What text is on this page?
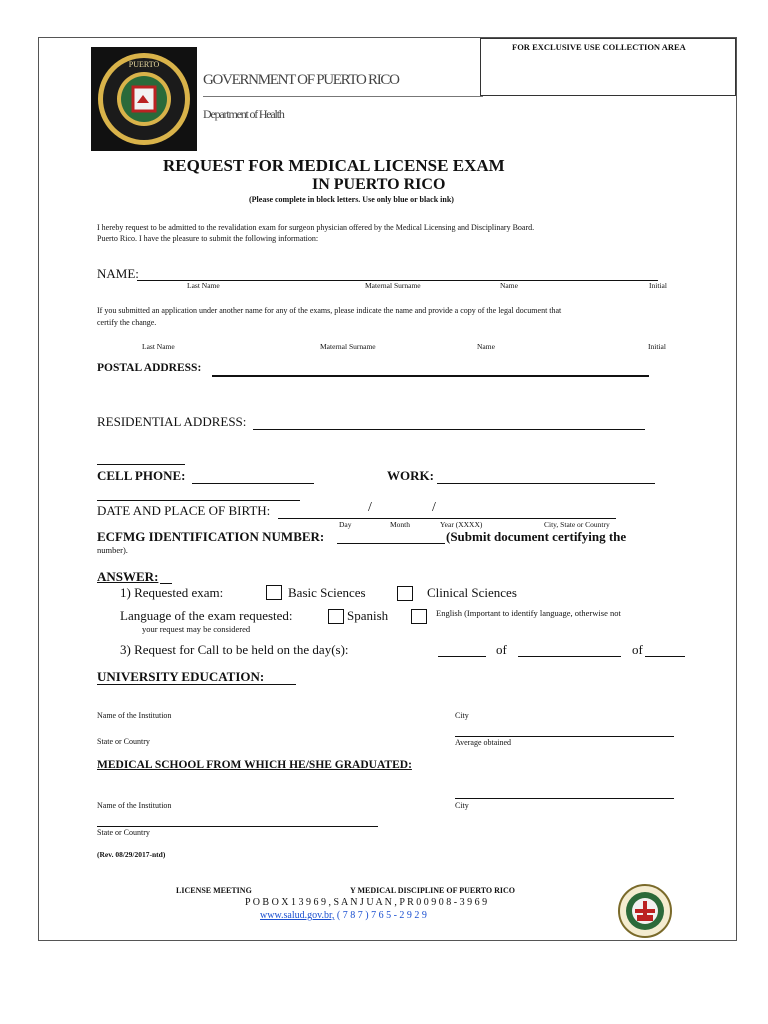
FOR EXCLUSIVE USE COLLECTION AREA
PUERTO
GOVERNMENT OF PUERTO RICO
Department of Health
REQUEST FOR MEDICAL LICENSE EXAM
IN PUERTO RICO
(Please complete in block letters. Use only blue or black ink)
I hereby request to be admitted to the revalidation exam for surgeon physician offered by the Medical Licensing and Disciplinary Board.
Puerto Rico. I have the pleasure to submit the following information:
NAME:
Last Name	Maternal Surname	Name	Initial
If you submitted an application under another name for any of the exams, please indicate the name and provide a copy of the legal document that
certify the change.
Last Name	Maternal Surname	Name	Initial
POSTAL ADDRESS:
RESIDENTIAL ADDRESS:
CELL PHONE:	WORK:
DATE AND PLACE OF BIRTH:	/	/
Day	Month	Year (XXXX)	City, State or Country
ECFMG IDENTIFICATION NUMBER:	(Submit document certifying the
number).
ANSWER:
1) Requested exam:	Basic Sciences	Clinical Sciences
Language of the exam requested:	Spanish	English (Important to identify language, otherwise not
your request may be considered
3) Request for Call to be held on the day(s):	of	of
UNIVERSITY EDUCATION:
Name of the Institution	City
State or Country	Average obtained
MEDICAL SCHOOL FROM WHICH HE/SHE GRADUATED:
Name of the Institution	City
State or Country
(Rev. 08/29/2017-ntd)
LICENSE MEETING	Y MEDICAL DISCIPLINE OF PUERTO RICO
P O B O X 1 3 9 6 9 , S A N J U A N , P R 0 0 9 0 8 - 3 9 6 9
www.salud.gov.br, ( 7 8 7 ) 7 6 5 - 2 9 2 9
